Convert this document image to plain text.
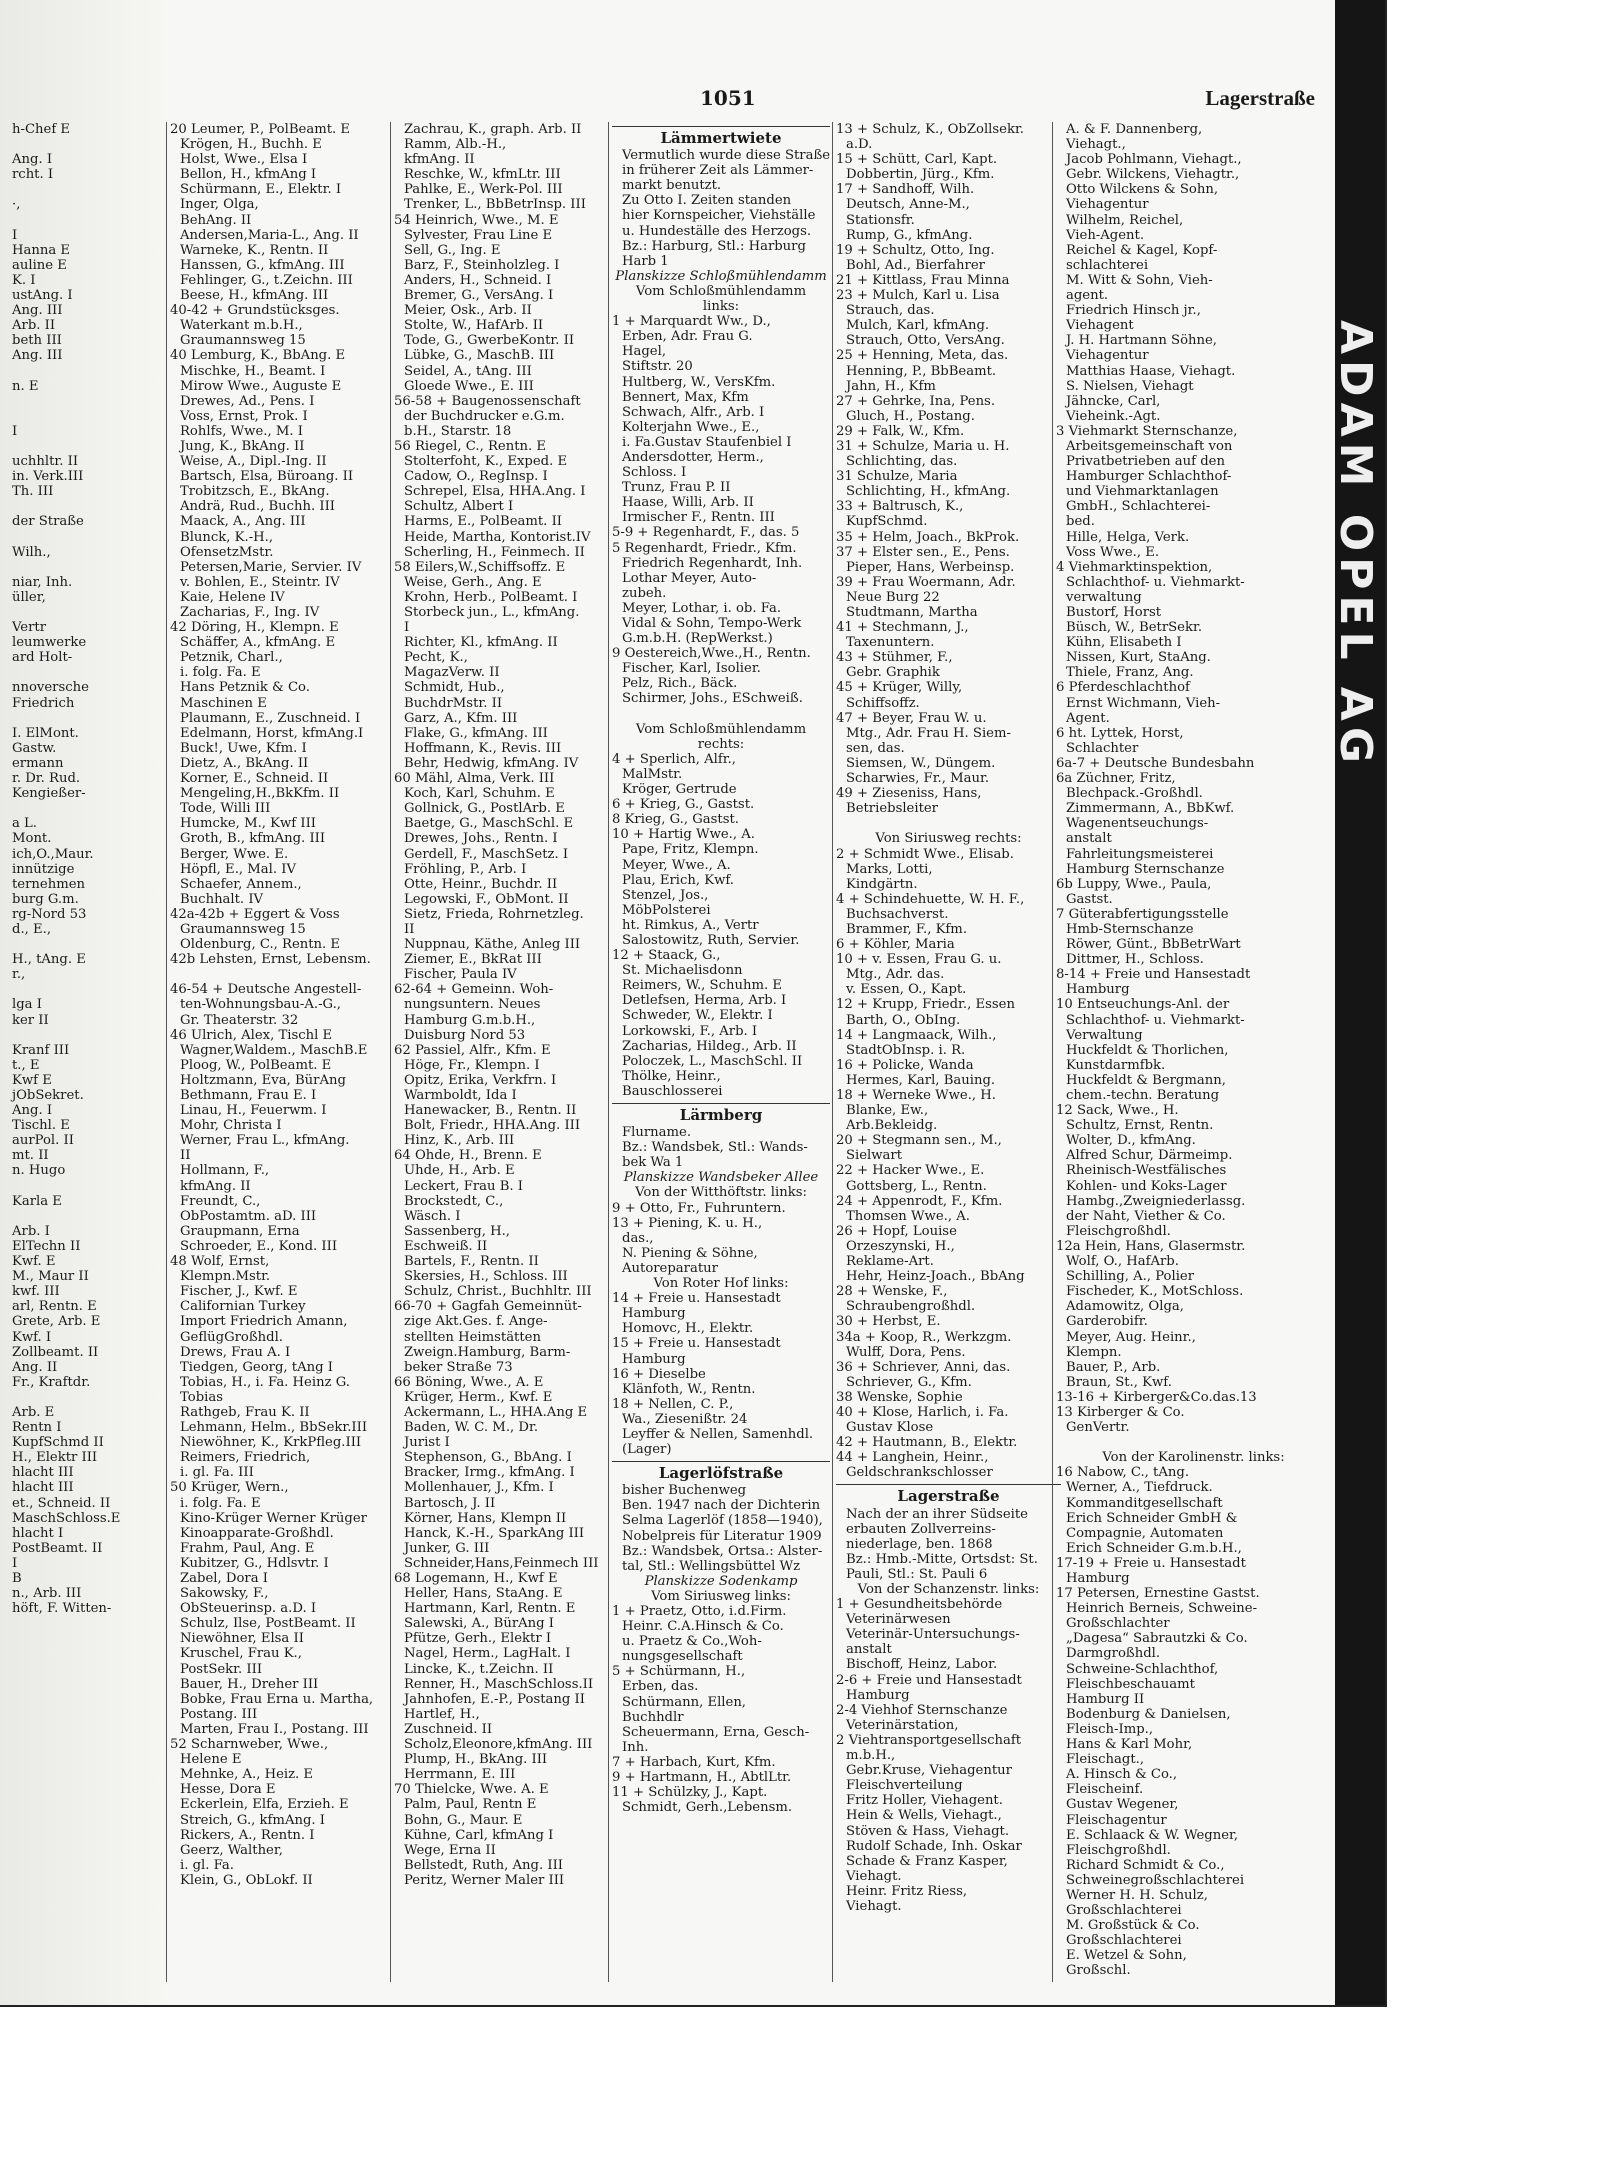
1051	Lagerstraße

h-Chef E

Ang. I

rcht. I

·,

I

Hanna E

auline E

K. I

ustAng. I

Ang. III

Arb. II

beth III

Ang. III

n. E

I

uchhltr. II

in. Verk.III

Th. III

der Straße

Wilh.,

niar, Inh.

üller,

Vertr

leumwerke

ard Holt-

nnoversche

Friedrich

I. ElMont.

Gastw.

ermann

r. Dr. Rud.

Kengießer-

a L.

Mont.

ich,O.,Maur.

innützige

ternehmen

burg G.m.

rg-Nord 53

d., E.,

H., tAng. E

r.,

lga I

ker II

Kranf III

t., E

Kwf E

jObSekret.

Ang. I

Tischl. E

aurPol. II

mt. II

n. Hugo

Karla E

Arb. I

ElTechn II

Kwf. E

M., Maur II

kwf. III

arl, Rentn. E

Grete, Arb. E

Kwf. I

Zollbeamt. II

Ang. II

Fr., Kraftdr.

Arb. E

Rentn I

KupfSchmd II

H., Elektr III

hlacht III

hlacht III

et., Schneid. II

MaschSchloss.E

hlacht I

PostBeamt. II

I

B

n., Arb. III

höft, F. Witten-

20 Leumer, P., PolBeamt. E

Krögen, H., Buchh. E

Holst, Wwe., Elsa I

Bellon, H., kfmAng I

Schürmann, E., Elektr. I

Inger, Olga,

BehAng. II

Andersen,Maria-L., Ang. II

Warneke, K., Rentn. II

Hanssen, G., kfmAng. III

Fehlinger, G., t.Zeichn. III

Beese, H., kfmAng. III

40-42 + Grundstücksges.

Waterkant m.b.H.,

Graumannsweg 15

40 Lemburg, K., BbAng. E

Mischke, H., Beamt. I

Mirow Wwe., Auguste E

Drewes, Ad., Pens. I

Voss, Ernst, Prok. I

Rohlfs, Wwe., M. I

Jung, K., BkAng. II

Weise, A., Dipl.-Ing. II

Bartsch, Elsa, Büroang. II

Trobitzsch, E., BkAng.

Andrä, Rud., Buchh. III

Maack, A., Ang. III

Blunck, K.-H.,

OfensetzMstr.

Petersen,Marie, Servier. IV

v. Bohlen, E., Steintr. IV

Kaie, Helene IV

Zacharias, F., Ing. IV

42 Döring, H., Klempn. E

Schäffer, A., kfmAng. E

Petznik, Charl.,

i. folg. Fa. E

Hans Petznik & Co.

Maschinen E

Plaumann, E., Zuschneid. I

Edelmann, Horst, kfmAng.I

Buck!, Uwe, Kfm. I

Dietz, A., BkAng. II

Korner, E., Schneid. II

Mengeling,H.,BkKfm. II

Tode, Willi III

Humcke, M., Kwf III

Groth, B., kfmAng. III

Berger, Wwe. E.

Höpfl, E., Mal. IV

Schaefer, Annem.,

Buchhalt. IV

42a-42b + Eggert & Voss

Graumannsweg 15

Oldenburg, C., Rentn. E

42b Lehsten, Ernst, Lebensm.

46-54 + Deutsche Angestell-

ten-Wohnungsbau-A.-G.,

Gr. Theaterstr. 32

46 Ulrich, Alex, Tischl E

Wagner,Waldem., MaschB.E

Ploog, W., PolBeamt. E

Holtzmann, Eva, BürAng

Bethmann, Frau E. I

Linau, H., Feuerwm. I

Mohr, Christa I

Werner, Frau L., kfmAng.

II

Hollmann, F.,

kfmAng. II

Freundt, C.,

ObPostamtm. aD. III

Graupmann, Erna

Schroeder, E., Kond. III

48 Wolf, Ernst,

Klempn.Mstr.

Fischer, J., Kwf. E

Californian Turkey

Import Friedrich Amann,

GeflügGroßhdl.

Drews, Frau A. I

Tiedgen, Georg, tAng I

Tobias, H., i. Fa. Heinz G.

Tobias

Rathgeb, Frau K. II

Lehmann, Helm., BbSekr.III

Niewöhner, K., KrkPfleg.III

Reimers, Friedrich,

i. gl. Fa. III

50 Krüger, Wern.,

i. folg. Fa. E

Kino-Krüger Werner Krüger

Kinoapparate-Großhdl.

Frahm, Paul, Ang. E

Kubitzer, G., Hdlsvtr. I

Zabel, Dora I

Sakowsky, F.,

ObSteuerinsp. a.D. I

Schulz, Ilse, PostBeamt. II

Niewöhner, Elsa II

Kruschel, Frau K.,

PostSekr. III

Bauer, H., Dreher III

Bobke, Frau Erna u. Martha,

Postang. III

Marten, Frau I., Postang. III

52 Scharnweber, Wwe.,

Helene E

Mehnke, A., Heiz. E

Hesse, Dora E

Eckerlein, Elfa, Erzieh. E

Streich, G., kfmAng. I

Rickers, A., Rentn. I

Geerz, Walther,

i. gl. Fa.

Klein, G., ObLokf. II

Zachrau, K., graph. Arb. II

Ramm, Alb.-H.,

kfmAng. II

Reschke, W., kfmLtr. III

Pahlke, E., Werk-Pol. III

Trenker, L., BbBetrInsp. III

54 Heinrich, Wwe., M. E

Sylvester, Frau Line E

Sell, G., Ing. E

Barz, F., Steinholzleg. I

Anders, H., Schneid. I

Bremer, G., VersAng. I

Meier, Osk., Arb. II

Stolte, W., HafArb. II

Tode, G., GwerbeKontr. II

Lübke, G., MaschB. III

Seidel, A., tAng. III

Gloede Wwe., E. III

56-58 + Baugenossenschaft

der Buchdrucker e.G.m.

b.H., Starstr. 18

56 Riegel, C., Rentn. E

Stolterfoht, K., Exped. E

Cadow, O., RegInsp. I

Schrepel, Elsa, HHA.Ang. I

Schultz, Albert I

Harms, E., PolBeamt. II

Heide, Martha, Kontorist.IV

Scherling, H., Feinmech. II

58 Eilers,W.,Schiffsoffz. E

Weise, Gerh., Ang. E

Krohn, Herb., PolBeamt. I

Storbeck jun., L., kfmAng.

I

Richter, Kl., kfmAng. II

Pecht, K.,

MagazVerw. II

Schmidt, Hub.,

BuchdrMstr. II

Garz, A., Kfm. III

Flake, G., kfmAng. III

Hoffmann, K., Revis. III

Behr, Hedwig, kfmAng. IV

60 Mähl, Alma, Verk. III

Koch, Karl, Schuhm. E

Gollnick, G., PostlArb. E

Baetge, G., MaschSchl. E

Drewes, Johs., Rentn. I

Gerdell, F., MaschSetz. I

Fröhling, P., Arb. I

Otte, Heinr., Buchdr. II

Legowski, F., ObMont. II

Sietz, Frieda, Rohrnetzleg.

II

Nuppnau, Käthe, Anleg III

Ziemer, E., BkRat III

Fischer, Paula IV

62-64 + Gemeinn. Woh-

nungsuntern. Neues

Hamburg G.m.b.H.,

Duisburg Nord 53

62 Passiel, Alfr., Kfm. E

Höge, Fr., Klempn. I

Opitz, Erika, Verkfrn. I

Warmboldt, Ida I

Hanewacker, B., Rentn. II

Bolt, Friedr., HHA.Ang. III

Hinz, K., Arb. III

64 Ohde, H., Brenn. E

Uhde, H., Arb. E

Leckert, Frau B. I

Brockstedt, C.,

Wäsch. I

Sassenberg, H.,

Eschweiß. II

Bartels, F., Rentn. II

Skersies, H., Schloss. III

Schulz, Christ., Buchhltr. III

66-70 + Gagfah Gemeinnüt-

zige Akt.Ges. f. Ange-

stellten Heimstätten

Zweign.Hamburg, Barm-

beker Straße 73

66 Böning, Wwe., A. E

Krüger, Herm., Kwf. E

Ackermann, L., HHA.Ang E

Baden, W. C. M., Dr.

Jurist I

Stephenson, G., BbAng. I

Bracker, Irmg., kfmAng. I

Mollenhauer, J., Kfm. I

Bartosch, J. II

Körner, Hans, Klempn II

Hanck, K.-H., SparkAng III

Junker, G. III

Schneider,Hans,Feinmech III

68 Logemann, H., Kwf E

Heller, Hans, StaAng. E

Hartmann, Karl, Rentn. E

Salewski, A., BürAng I

Pfütze, Gerh., Elektr I

Nagel, Herm., LagHalt. I

Lincke, K., t.Zeichn. II

Renner, H., MaschSchloss.II

Jahnhofen, E.-P., Postang II

Hartlef, H.,

Zuschneid. II

Scholz,Eleonore,kfmAng. III

Plump, H., BkAng. III

Herrmann, E. III

70 Thielcke, Wwe. A. E

Palm, Paul, Rentn E

Bohn, G., Maur. E

Kühne, Carl, kfmAng I

Wege, Erna II

Bellstedt, Ruth, Ang. III

Peritz, Werner Maler III

Lämmertwiete

Vermutlich wurde diese Straße

in früherer Zeit als Lämmer-

markt benutzt.

Zu Otto I. Zeiten standen

hier Kornspeicher, Viehställe

u. Hundeställe des Herzogs.

Bz.: Harburg, Stl.: Harburg

Harb 1

Planskizze Schloßmühlendamm

Vom Schloßmühlendamm

links:

1 + Marquardt Ww., D.,

Erben, Adr. Frau G.

Hagel,

Stiftstr. 20

Hultberg, W., VersKfm.

Bennert, Max, Kfm

Schwach, Alfr., Arb. I

Kolterjahn Wwe., E.,

i. Fa.Gustav Staufenbiel I

Andersdotter, Herm.,

Schloss. I

Trunz, Frau P. II

Haase, Willi, Arb. II

Irmischer F., Rentn. III

5-9 + Regenhardt, F., das. 5

5 Regenhardt, Friedr., Kfm.

Friedrich Regenhardt, Inh.

Lothar Meyer, Auto-

zubeh.

Meyer, Lothar, i. ob. Fa.

Vidal & Sohn, Tempo-Werk

G.m.b.H. (RepWerkst.)

9 Oestereich,Wwe.,H., Rentn.

Fischer, Karl, Isolier.

Pelz, Rich., Bäck.

Schirmer, Johs., ESchweiß.

Vom Schloßmühlendamm

rechts:

4 + Sperlich, Alfr.,

MalMstr.

Kröger, Gertrude

6 + Krieg, G., Gastst.

8 Krieg, G., Gastst.

10 + Hartig Wwe., A.

Pape, Fritz, Klempn.

Meyer, Wwe., A.

Plau, Erich, Kwf.

Stenzel, Jos.,

MöbPolsterei

ht. Rimkus, A., Vertr

Salostowitz, Ruth, Servier.

12 + Staack, G.,

St. Michaelisdonn

Reimers, W., Schuhm. E

Detlefsen, Herma, Arb. I

Schweder, W., Elektr. I

Lorkowski, F., Arb. I

Zacharias, Hildeg., Arb. II

Poloczek, L., MaschSchl. II

Thölke, Heinr.,

Bauschlosserei

Lärmberg

Flurname.

Bz.: Wandsbek, Stl.: Wands-

bek Wa 1

Planskizze Wandsbeker Allee

Von der Witthöftstr. links:

9 + Otto, Fr., Fuhruntern.

13 + Piening, K. u. H.,

das.,

N. Piening & Söhne,

Autoreparatur

Von Roter Hof links:

14 + Freie u. Hansestadt

Hamburg

Homovc, H., Elektr.

15 + Freie u. Hansestadt

Hamburg

16 + Dieselbe

Klänfoth, W., Rentn.

18 + Nellen, C. P.,

Wa., Ziesenißtr. 24

Leyffer & Nellen, Samenhdl.

(Lager)

Lagerlöfstraße

bisher Buchenweg

Ben. 1947 nach der Dichterin

Selma Lagerlöf (1858—1940),

Nobelpreis für Literatur 1909

Bz.: Wandsbek, Ortsa.: Alster-

tal, Stl.: Wellingsbüttel Wz

Planskizze Sodenkamp

Vom Siriusweg links:

1 + Praetz, Otto, i.d.Firm.

Heinr. C.A.Hinsch & Co.

u. Praetz & Co.,Woh-

nungsgesellschaft

5 + Schürmann, H.,

Erben, das.

Schürmann, Ellen,

Buchhdlr

Scheuermann, Erna, Gesch-

Inh.

7 + Harbach, Kurt, Kfm.

9 + Hartmann, H., AbtlLtr.

11 + Schülzky, J., Kapt.

Schmidt, Gerh.,Lebensm.

13 + Schulz, K., ObZollsekr.

a.D.

15 + Schütt, Carl, Kapt.

Dobbertin, Jürg., Kfm.

17 + Sandhoff, Wilh.

Deutsch, Anne-M.,

Stationsfr.

Rump, G., kfmAng.

19 + Schultz, Otto, Ing.

Bohl, Ad., Bierfahrer

21 + Kittlass, Frau Minna

23 + Mulch, Karl u. Lisa

Strauch, das.

Mulch, Karl, kfmAng.

Strauch, Otto, VersAng.

25 + Henning, Meta, das.

Henning, P., BbBeamt.

Jahn, H., Kfm

27 + Gehrke, Ina, Pens.

Gluch, H., Postang.

29 + Falk, W., Kfm.

31 + Schulze, Maria u. H.

Schlichting, das.

31 Schulze, Maria

Schlichting, H., kfmAng.

33 + Baltrusch, K.,

KupfSchmd.

35 + Helm, Joach., BkProk.

37 + Elster sen., E., Pens.

Pieper, Hans, Werbeinsp.

39 + Frau Woermann, Adr.

Neue Burg 22

Studtmann, Martha

41 + Stechmann, J.,

Taxenuntern.

43 + Stühmer, F.,

Gebr. Graphik

45 + Krüger, Willy,

Schiffsoffz.

47 + Beyer, Frau W. u.

Mtg., Adr. Frau H. Siem-

sen, das.

Siemsen, W., Düngem.

Scharwies, Fr., Maur.

49 + Zieseniss, Hans,

Betriebsleiter

Von Siriusweg rechts:

2 + Schmidt Wwe., Elisab.

Marks, Lotti,

Kindgärtn.

4 + Schindehuette, W. H. F.,

Buchsachverst.

Brammer, F., Kfm.

6 + Köhler, Maria

10 + v. Essen, Frau G. u.

Mtg., Adr. das.

v. Essen, O., Kapt.

12 + Krupp, Friedr., Essen

Barth, O., ObIng.

14 + Langmaack, Wilh.,

StadtObInsp. i. R.

16 + Policke, Wanda

Hermes, Karl, Bauing.

18 + Werneke Wwe., H.

Blanke, Ew.,

Arb.Bekleidg.

20 + Stegmann sen., M.,

Sielwart

22 + Hacker Wwe., E.

Gottsberg, L., Rentn.

24 + Appenrodt, F., Kfm.

Thomsen Wwe., A.

26 + Hopf, Louise

Orzeszynski, H.,

Reklame-Art.

Hehr, Heinz-Joach., BbAng

28 + Wenske, F.,

Schraubengroßhdl.

30 + Herbst, E.

34a + Koop, R., Werkzgm.

Wulff, Dora, Pens.

36 + Schriever, Anni, das.

Schriever, G., Kfm.

38 Wenske, Sophie

40 + Klose, Harlich, i. Fa.

Gustav Klose

42 + Hautmann, B., Elektr.

44 + Langhein, Heinr.,

Geldschrankschlosser

Lagerstraße

Nach der an ihrer Südseite

erbauten Zollverreins-

niederlage, ben. 1868

Bz.: Hmb.-Mitte, Ortsdst: St.

Pauli, Stl.: St. Pauli 6

Von der Schanzenstr. links:

1 + Gesundheitsbehörde

Veterinärwesen

Veterinär-Untersuchungs-

anstalt

Bischoff, Heinz, Labor.

2-6 + Freie und Hansestadt

Hamburg

2-4 Viehhof Sternschanze

Veterinärstation,

2 Viehtransportgesellschaft

m.b.H.,

Gebr.Kruse, Viehagentur

Fleischverteilung

Fritz Holler, Viehagent.

Hein & Wells, Viehagt.,

Stöven & Hass, Viehagt.

Rudolf Schade, Inh. Oskar

Schade & Franz Kasper,

Viehagt.

Heinr. Fritz Riess,

Viehagt.

A. & F. Dannenberg,

Viehagt.,

Jacob Pohlmann, Viehagt.,

Gebr. Wilckens, Viehagtr.,

Otto Wilckens & Sohn,

Viehagentur

Wilhelm, Reichel,

Vieh-Agent.

Reichel & Kagel, Kopf-

schlachterei

M. Witt & Sohn, Vieh-

agent.

Friedrich Hinsch jr.,

Viehagent

J. H. Hartmann Söhne,

Viehagentur

Matthias Haase, Viehagt.

S. Nielsen, Viehagt

Jähncke, Carl,

Vieheink.-Agt.

3 Viehmarkt Sternschanze,

Arbeitsgemeinschaft von

Privatbetrieben auf den

Hamburger Schlachthof-

und Viehmarktanlagen

GmbH., Schlachterei-

bed.

Hille, Helga, Verk.

Voss Wwe., E.

4 Viehmarktinspektion,

Schlachthof- u. Viehmarkt-

verwaltung

Bustorf, Horst

Büsch, W., BetrSekr.

Kühn, Elisabeth I

Nissen, Kurt, StaAng.

Thiele, Franz, Ang.

6 Pferdeschlachthof

Ernst Wichmann, Vieh-

Agent.

6 ht. Lyttek, Horst,

Schlachter

6a-7 + Deutsche Bundesbahn

6a Züchner, Fritz,

Blechpack.-Großhdl.

Zimmermann, A., BbKwf.

Wagenentseuchungs-

anstalt

Fahrleitungsmeisterei

Hamburg Sternschanze

6b Luppy, Wwe., Paula,

Gastst.

7 Güterabfertigungsstelle

Hmb-Sternschanze

Röwer, Günt., BbBetrWart

Dittmer, H., Schloss.

8-14 + Freie und Hansestadt

Hamburg

10 Entseuchungs-Anl. der

Schlachthof- u. Viehmarkt-

Verwaltung

Huckfeldt & Thorlichen,

Kunstdarmfbk.

Huckfeldt & Bergmann,

chem.-techn. Beratung

12 Sack, Wwe., H.

Schultz, Ernst, Rentn.

Wolter, D., kfmAng.

Alfred Schur, Därmeimp.

Rheinisch-Westfälisches

Kohlen- und Koks-Lager

Hambg.,Zweigniederlassg.

der Naht, Viether & Co.

Fleischgroßhdl.

12a Hein, Hans, Glasermstr.

Wolf, O., HafArb.

Schilling, A., Polier

Fischeder, K., MotSchloss.

Adamowitz, Olga,

Garderobifr.

Meyer, Aug. Heinr.,

Klempn.

Bauer, P., Arb.

Braun, St., Kwf.

13-16 + Kirberger&Co.das.13

13 Kirberger & Co.

GenVertr.

Von der Karolinenstr. links:

16 Nabow, C., tAng.

Werner, A., Tiefdruck.

Kommanditgesellschaft

Erich Schneider GmbH &

Compagnie, Automaten

Erich Schneider G.m.b.H.,

17-19 + Freie u. Hansestadt

Hamburg

17 Petersen, Ernestine Gastst.

Heinrich Berneis, Schweine-

Großschlachter

„Dagesa“ Sabrautzki & Co.

Darmgroßhdl.

Schweine-Schlachthof,

Fleischbeschauamt

Hamburg II

Bodenburg & Danielsen,

Fleisch-Imp.,

Hans & Karl Mohr,

Fleischagt.,

A. Hinsch & Co.,

Fleischeinf.

Gustav Wegener,

Fleischagentur

E. Schlaack & W. Wegner,

Fleischgroßhdl.

Richard Schmidt & Co.,

Schweinegroßschlachterei

Werner H. H. Schulz,

Großschlachterei

M. Großstück & Co.

Großschlachterei

E. Wetzel & Sohn,

Großschl.

ADAM OPEL AG
